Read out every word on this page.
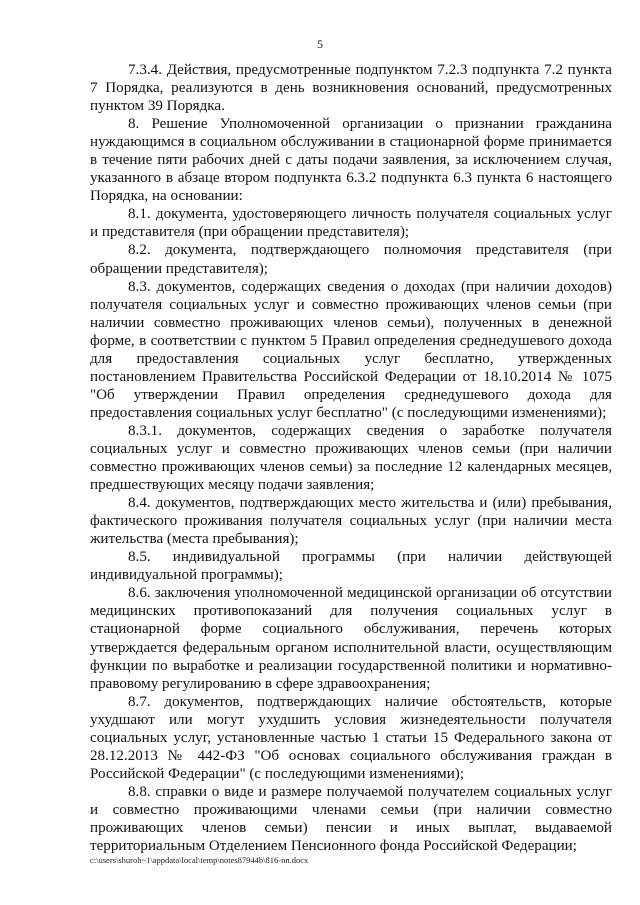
5

7.3.4. Действия, предусмотренные подпунктом 7.2.3 подпункта 7.2 пункта 7 Порядка, реализуются в день возникновения оснований, предусмотренных пунктом 39 Порядка.

8. Решение Уполномоченной организации о признании гражданина нуждающимся в социальном обслуживании в стационарной форме принимается в течение пяти рабочих дней с даты подачи заявления, за исключением случая, указанного в абзаце втором подпункта 6.3.2 подпункта 6.3 пункта 6 настоящего Порядка, на основании:

8.1. документа, удостоверяющего личность получателя социальных услуг и представителя (при обращении представителя);

8.2. документа, подтверждающего полномочия представителя (при обращении представителя);

8.3. документов, содержащих сведения о доходах (при наличии доходов) получателя социальных услуг и совместно проживающих членов семьи (при наличии совместно проживающих членов семьи), полученных в денежной форме, в соответствии с пунктом 5 Правил определения среднедушевого дохода для предоставления социальных услуг бесплатно, утвержденных постановлением Правительства Российской Федерации от 18.10.2014 № 1075 "Об утверждении Правил определения среднедушевого дохода для предоставления социальных услуг бесплатно" (с последующими изменениями);

8.3.1. документов, содержащих сведения о заработке получателя социальных услуг и совместно проживающих членов семьи (при наличии совместно проживающих членов семьи) за последние 12 календарных месяцев, предшествующих месяцу подачи заявления;

8.4. документов, подтверждающих место жительства и (или) пребывания, фактического проживания получателя социальных услуг (при наличии места жительства (места пребывания);

8.5. индивидуальной программы (при наличии действующей индивидуальной программы);

8.6. заключения уполномоченной медицинской организации об отсутствии медицинских противопоказаний для получения социальных услуг в стационарной форме социального обслуживания, перечень которых утверждается федеральным органом исполнительной власти, осуществляющим функции по выработке и реализации государственной политики и нормативно-правовому регулированию в сфере здравоохранения;

8.7. документов, подтверждающих наличие обстоятельств, которые ухудшают или могут ухудшить условия жизнедеятельности получателя социальных услуг, установленные частью 1 статьи 15 Федерального закона от 28.12.2013 № 442-ФЗ "Об основах социального обслуживания граждан в Российской Федерации" (с последующими изменениями);

8.8. справки о виде и размере получаемой получателем социальных услуг и совместно проживающими членами семьи (при наличии совместно проживающих членов семьи) пенсии и иных выплат, выдаваемой территориальным Отделением Пенсионного фонда Российской Федерации;

c:\users\shuroh~1\appdata\local\temp\notes87944b\816-nn.docx
